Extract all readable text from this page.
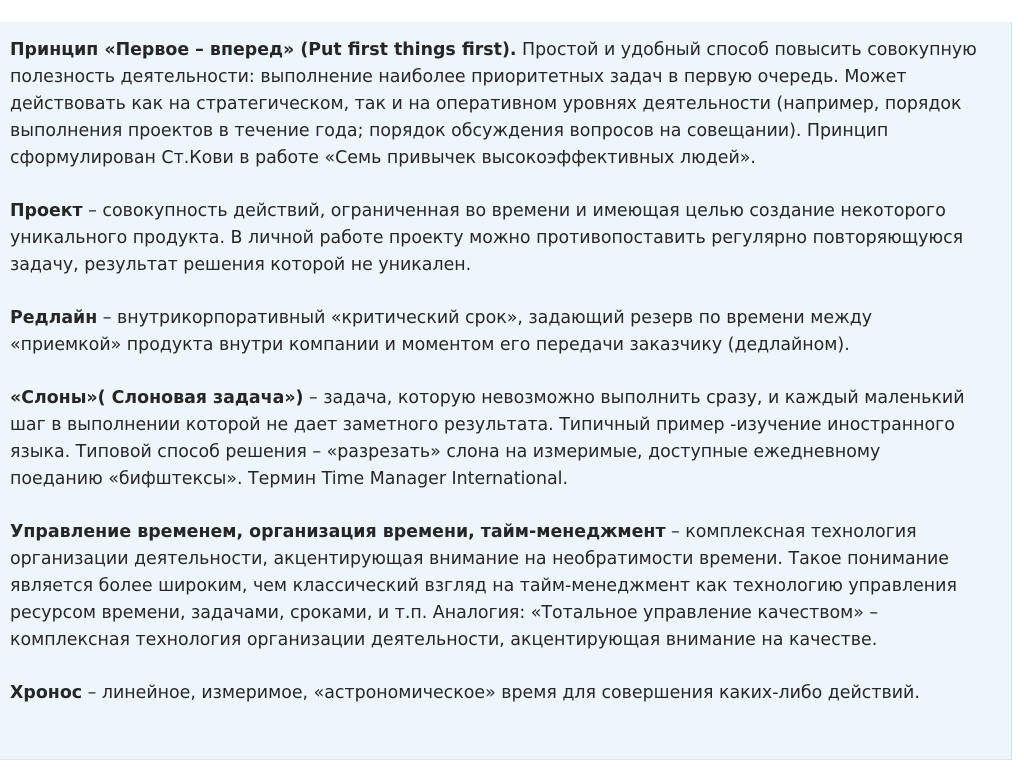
Принцип «Первое – вперед» (Put first things first). Простой и удобный способ повысить совокупную
полезность деятельности: выполнение наиболее приоритетных задач в первую очередь. Может
действовать как на стратегическом, так и на оперативном уровнях деятельности (например, порядок
выполнения проектов в течение года; порядок обсуждения вопросов на совещании). Принцип
сформулирован Ст.Кови в работе «Семь привычек высокоэффективных людей».
Проект – совокупность действий, ограниченная во времени и имеющая целью создание некоторого
уникального продукта. В личной работе проекту можно противопоставить регулярно повторяющуюся
задачу, результат решения которой не уникален.
Редлайн – внутрикорпоративный «критический срок», задающий резерв по времени между
«приемкой» продукта внутри компании и моментом его передачи заказчику (дедлайном).
«Слоны»( Слоновая задача») – задача, которую невозможно выполнить сразу, и каждый маленький
шаг в выполнении которой не дает заметного результата. Типичный пример -изучение иностранного
языка. Типовой способ решения – «разрезать» слона на измеримые, доступные ежедневному
поеданию «бифштексы». Термин Time Manager International.
Управление временем, организация времени, тайм-менеджмент – комплексная технология
организации деятельности, акцентирующая внимание на необратимости времени. Такое понимание
является более широким, чем классический взгляд на тайм-менеджмент как технологию управления
ресурсом времени, задачами, сроками, и т.п. Аналогия: «Тотальное управление качеством» –
комплексная технология организации деятельности, акцентирующая внимание на качестве.
Хронос – линейное, измеримое, «астрономическое» время для совершения каких-либо действий.
